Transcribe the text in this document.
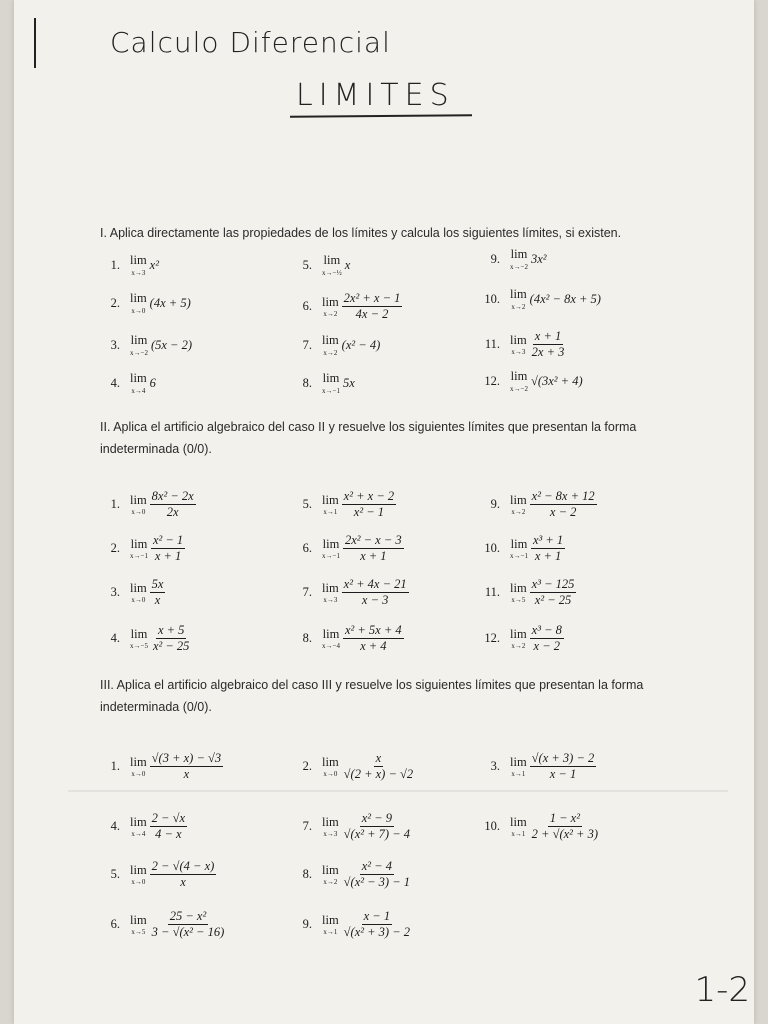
Calculo Diferencial
LIMITES
1-2
I. Aplica directamente las propiedades de los límites y calcula los siguientes límites, si existen.
II. Aplica el artificio algebraico del caso II y resuelve los siguientes límites que presentan la forma indeterminada (0/0).
III. Aplica el artificio algebraico del caso III y resuelve los siguientes límites que presentan la forma indeterminada (0/0).
1. lim
x→3
x²
2. lim
x→0
(4x + 5)
3. lim
x→−2
(5x − 2)
4. lim
x→4
6
5. lim
x→−½
x
6. lim
$x\to 2 \frac{\text{2x² + x − 1}}{4x - 2}$
7. lim
x→2
(x² − 4)
8. lim
x→−1
5x
9. lim
x→−2
3x²
10. lim
x→2
(4x² − 8x + 5)
11. lim
$x\to 3 \frac{x + 1}{2x + 3}$
12. lim
x→−2
√(3x² + 4)
1. lim
$x\to 0 \frac{\text{8x² − 2x}}{2x}$
2. lim
$x\to-1 \frac{\text{x² − 1}}{x + 1}$
3. lim
$x\to 0 \frac{5x}{x}$
4. lim
$x\to-5 \frac{x + 5}{\text{x² − 25}}$
5. lim
$x\to 1 \frac{\text{x² + x − 2}}{\text{x² − 1}}$
6. lim
$x\to-1 \frac{\text{2x² − x − 3}}{x + 1}$
7. lim
$x\to 3 \frac{\text{x² + 4x − 21}}{x - 3}$
8. lim
$x\to-4 \frac{\text{x² + 5x + 4}}{x + 4}$
9. lim
$x\to 2 \frac{\text{x² − 8x + 12}}{x - 2}$
10. lim
$x\to-1 \frac{\text{x³ + 1}}{x + 1}$
11. lim
$x\to 5 \frac{\text{x³ − 125}}{\text{x² − 25}}$
12. lim
$x\to 2 \frac{\text{x³ − 8}}{x - 2}$
1. lim
$x\to 0 \frac{√(3 + x) - √3}{x}$	2. lim
$x\to 0 \frac{x}{√(2 + x) - √2}$	3. lim
$x\to 1 \frac{√(x + 3) - 2}{x - 1}$
4. lim
$x\to 4 \frac{2 - √x}{4 - x}$
5. lim
$x\to 0 \frac{2 - √(4 - x)}{x}$
6. lim
$x\to 5 \frac{\text{25 − x²}}{\text{3 − √(x² − 16)}}$
7. lim
$x\to 3 \frac{\text{x² − 9}}{\text{√(x² + 7) − 4}}$
8. lim
$x\to 2 \frac{\text{x² − 4}}{\text{√(x² − 3) − 1}}$
9. lim
$x\to 1 \frac{x - 1}{\text{√(x² + 3) − 2}}$
10. lim
$x\to 1 \frac{\text{1 − x²}}{\text{2 + √(x² + 3)}}$
